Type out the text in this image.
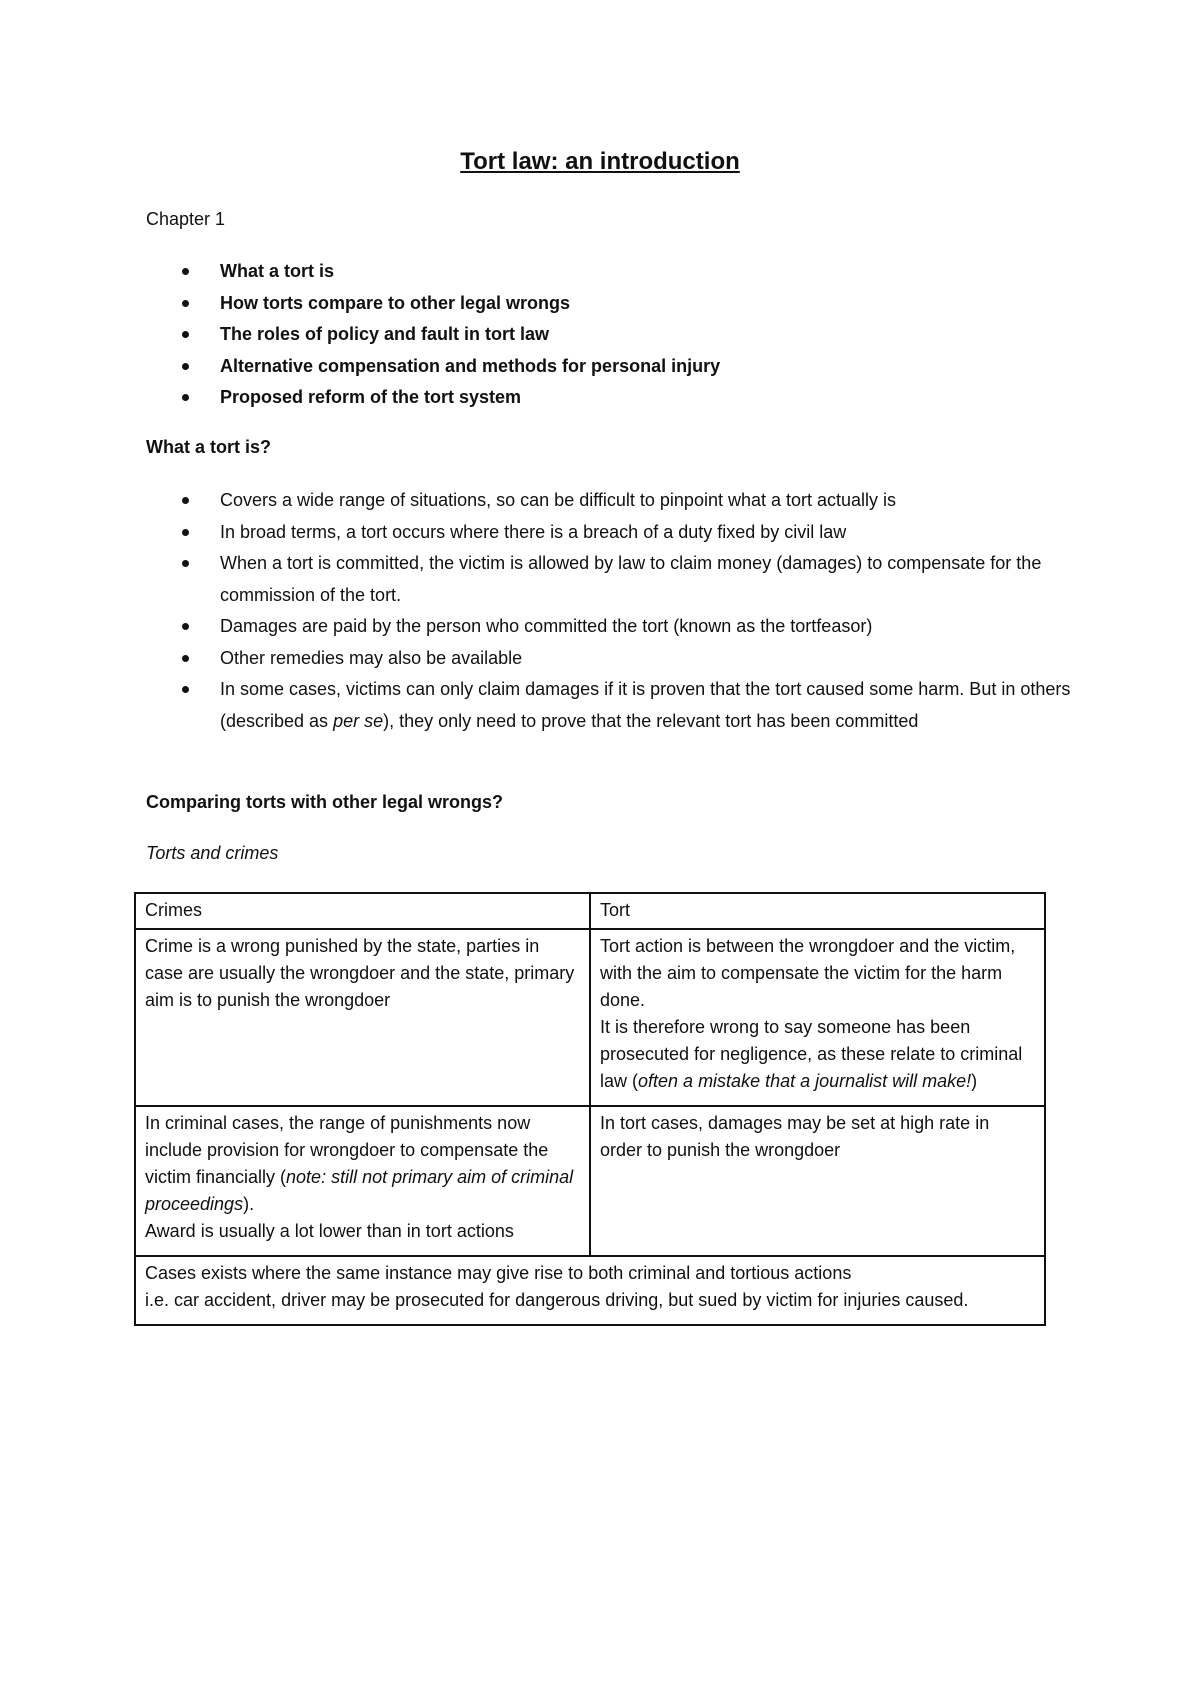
Tort law: an introduction
Chapter 1
What a tort is
How torts compare to other legal wrongs
The roles of policy and fault in tort law
Alternative compensation and methods for personal injury
Proposed reform of the tort system
What a tort is?
Covers a wide range of situations, so can be difficult to pinpoint what a tort actually is
In broad terms, a tort occurs where there is a breach of a duty fixed by civil law
When a tort is committed, the victim is allowed by law to claim money (damages) to compensate for the commission of the tort.
Damages are paid by the person who committed the tort (known as the tortfeasor)
Other remedies may also be available
In some cases, victims can only claim damages if it is proven that the tort caused some harm. But in others (described as per se), they only need to prove that the relevant tort has been committed
Comparing torts with other legal wrongs?
Torts and crimes
Crimes	Tort
Crime is a wrong punished by the state, parties in case are usually the wrongdoer and the state, primary aim is to punish the wrongdoer	Tort action is between the wrongdoer and the victim, with the aim to compensate the victim for the harm done.
It is therefore wrong to say someone has been prosecuted for negligence, as these relate to criminal law (often a mistake that a journalist will make!)

In criminal cases, the range of punishments now include provision for wrongdoer to compensate the victim financially (note: still not primary aim of criminal proceedings).
Award is usually a lot lower than in tort actions	In tort cases, damages may be set at high rate in order to punish the wrongdoer

Cases exists where the same instance may give rise to both criminal and tortious actions
i.e. car accident, driver may be prosecuted for dangerous driving, but sued by victim for injuries caused.	
